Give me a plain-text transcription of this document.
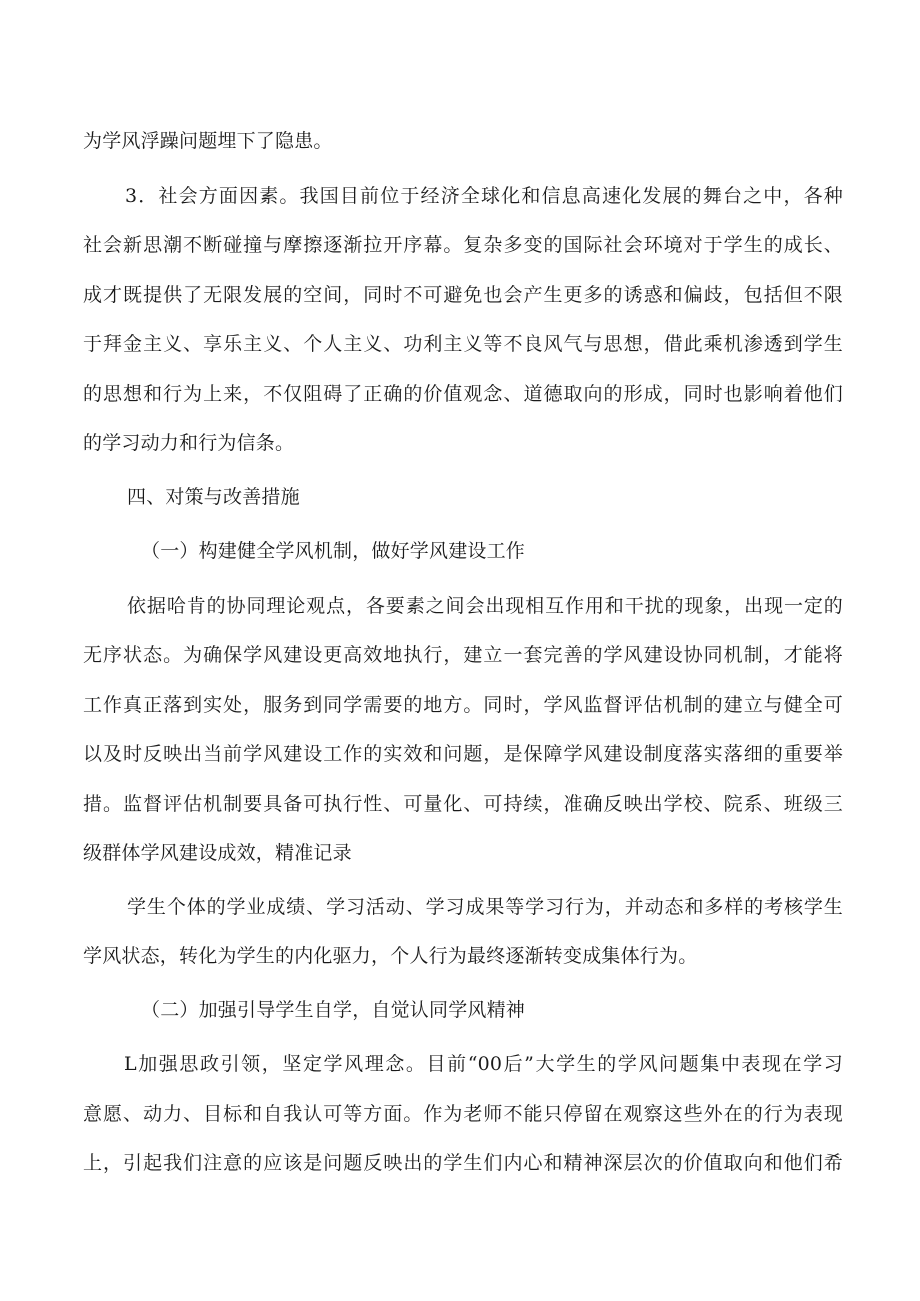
为学风浮躁问题埋下了隐患。
3．社会方面因素。我国目前位于经济全球化和信息高速化发展的舞台之中，各种
社会新思潮不断碰撞与摩擦逐渐拉开序幕。复杂多变的国际社会环境对于学生的成长、
成才既提供了无限发展的空间，同时不可避免也会产生更多的诱惑和偏歧，包括但不限
于拜金主义、享乐主义、个人主义、功利主义等不良风气与思想，借此乘机渗透到学生
的思想和行为上来，不仅阻碍了正确的价值观念、道德取向的形成，同时也影响着他们
的学习动力和行为信条。
四、对策与改善措施
（一）构建健全学风机制，做好学风建设工作
依据哈肯的协同理论观点，各要素之间会出现相互作用和干扰的现象，出现一定的
无序状态。为确保学风建设更高效地执行，建立一套完善的学风建设协同机制，才能将
工作真正落到实处，服务到同学需要的地方。同时，学风监督评估机制的建立与健全可
以及时反映出当前学风建设工作的实效和问题，是保障学风建设制度落实落细的重要举
措。监督评估机制要具备可执行性、可量化、可持续，准确反映出学校、院系、班级三
级群体学风建设成效，精准记录
学生个体的学业成绩、学习活动、学习成果等学习行为，并动态和多样的考核学生
学风状态，转化为学生的内化驱力，个人行为最终逐渐转变成集体行为。
（二）加强引导学生自学，自觉认同学风精神
L加强思政引领，坚定学风理念。目前“00后”大学生的学风问题集中表现在学习
意愿、动力、目标和自我认可等方面。作为老师不能只停留在观察这些外在的行为表现
上，引起我们注意的应该是问题反映出的学生们内心和精神深层次的价值取向和他们希
